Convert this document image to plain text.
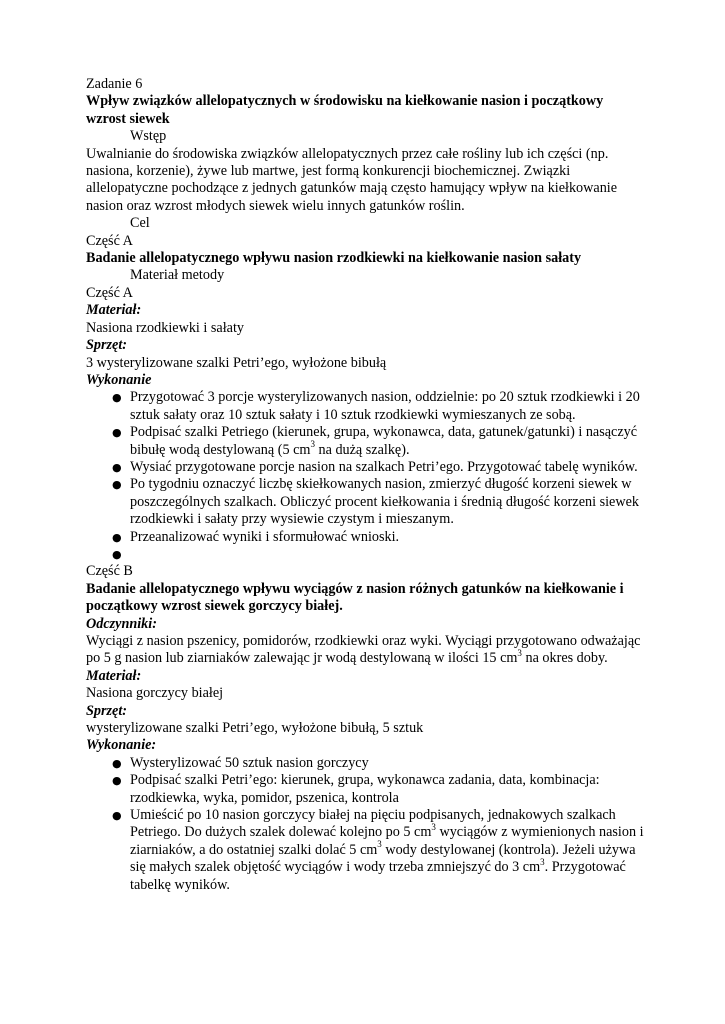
Zadanie 6

Wpływ związków allelopatycznych w środowisku na kiełkowanie nasion i początkowy wzrost siewek

Wstęp

Uwalnianie do środowiska związków allelopatycznych przez całe rośliny lub ich części (np. nasiona, korzenie), żywe lub martwe, jest formą konkurencji biochemicznej. Związki allelopatyczne pochodzące z jednych gatunków mają często hamujący wpływ na kiełkowanie nasion oraz wzrost młodych siewek wielu innych gatunków roślin.

Cel

Część A

Badanie allelopatycznego wpływu nasion rzodkiewki na kiełkowanie nasion sałaty

Materiał metody

Część A

Materiał:

Nasiona rzodkiewki i sałaty

Sprzęt:

3 wysterylizowane szalki Petri’ego, wyłożone bibułą

Wykonanie

● Przygotować 3 porcje wysterylizowanych nasion, oddzielnie: po 20 sztuk rzodkiewki i 20 sztuk sałaty oraz 10 sztuk sałaty i 10 sztuk rzodkiewki wymieszanych ze sobą.
● Podpisać szalki Petriego (kierunek, grupa, wykonawca, data, gatunek/gatunki) i nasączyć bibułę wodą destylowaną (5 $cm^3$ na dużą szalkę).
● Wysiać przygotowane porcje nasion na szalkach Petri’ego. Przygotować tabelę wyników.
● Po tygodniu oznaczyć liczbę skiełkowanych nasion, zmierzyć długość korzeni siewek w poszczególnych szalkach. Obliczyć procent kiełkowania i średnią długość korzeni siewek rzodkiewki i sałaty przy wysiewie czystym i mieszanym.
● Przeanalizować wyniki i sformułować wnioski.
●

Część B

Badanie allelopatycznego wpływu wyciągów z nasion różnych gatunków na kiełkowanie i początkowy wzrost siewek gorczycy białej.

Odczynniki:

Wyciągi z nasion pszenicy, pomidorów, rzodkiewki oraz wyki. Wyciągi przygotowano odważając po 5 g nasion lub ziarniaków zalewając jr wodą destylowaną w ilości 15 $cm^3$ na okres doby.

Materiał:

Nasiona gorczycy białej

Sprzęt:

wysterylizowane szalki Petri’ego, wyłożone bibułą, 5 sztuk

Wykonanie:

● Wysterylizować 50 sztuk nasion gorczycy
● Podpisać szalki Petri’ego: kierunek, grupa, wykonawca zadania, data, kombinacja: rzodkiewka, wyka, pomidor, pszenica, kontrola
● Umieścić po 10 nasion gorczycy białej na pięciu podpisanych, jednakowych szalkach Petriego. Do dużych szalek dolewać kolejno po 5 $cm^3$ wyciągów z wymienionych nasion i ziarniaków, a do ostatniej szalki dolać 5 $cm^3$ wody destylowanej (kontrola). Jeżeli używa się małych szalek objętość wyciągów i wody trzeba zmniejszyć do 3 $cm^3$. Przygotować tabelkę wyników.
